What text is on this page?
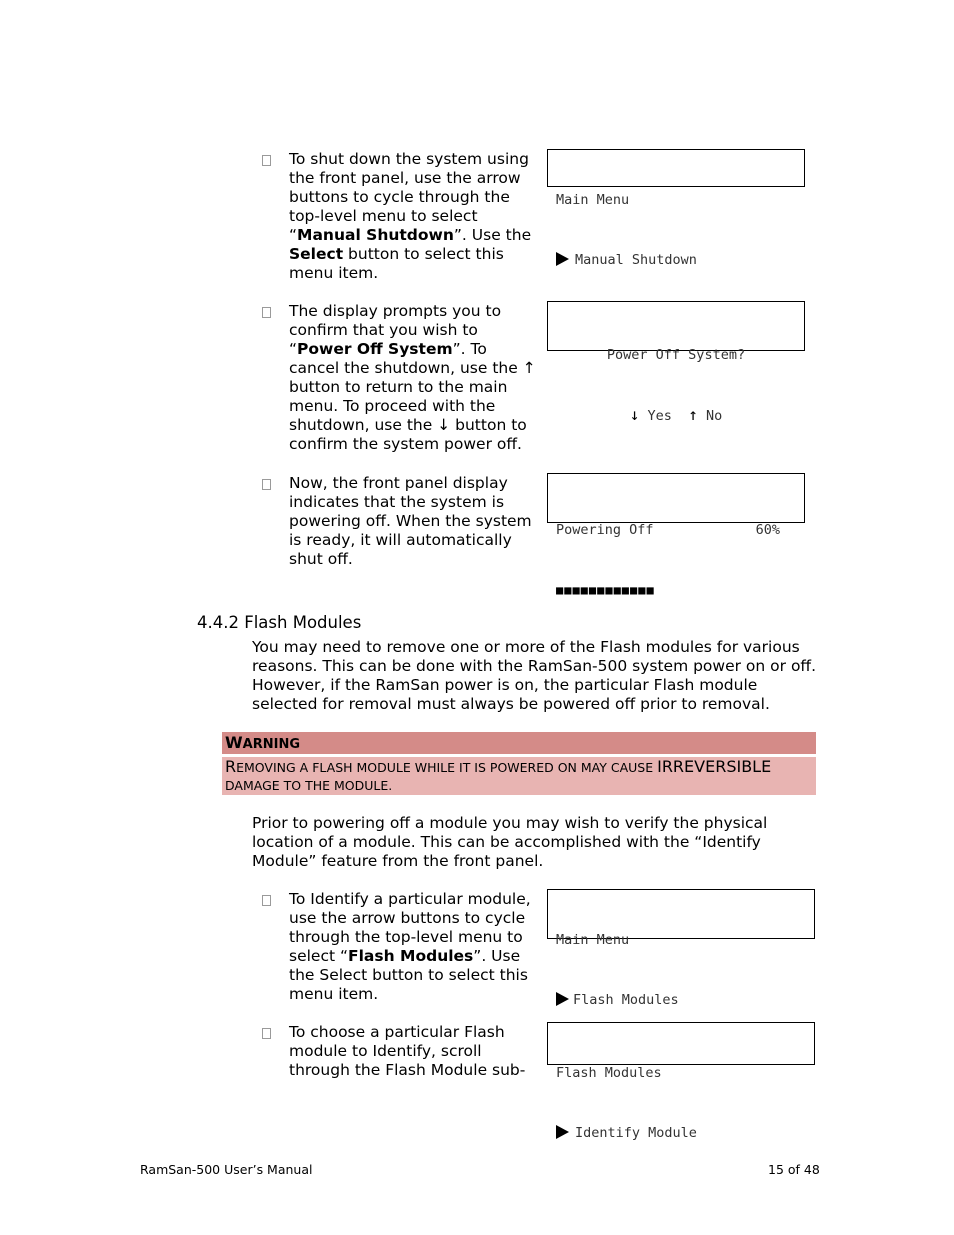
To shut down the system using the front panel, use the arrow buttons to cycle through the top-level menu to select “Manual Shutdown”. Use the Select button to select this menu item.

Main Menu

Manual Shutdown

The display prompts you to confirm that you wish to “Power Off System”. To cancel the shutdown, use the ↑ button to return to the main menu. To proceed with the shutdown, use the ↓ button to confirm the system power off.

Power Off System?

↓ Yes ↑ No

Now, the front panel display indicates that the system is powering off. When the system is ready, it will automatically shut off.

Powering Off	60%

■■■■■■■■■■■■

4.4.2 Flash Modules
You may need to remove one or more of the Flash modules for various reasons. This can be done with the RamSan-500 system power on or off. However, if the RamSan power is on, the particular Flash module selected for removal must always be powered off prior to removal.
WARNING
REMOVING A FLASH MODULE WHILE IT IS POWERED ON MAY CAUSE IRREVERSIBLE
DAMAGE TO THE MODULE.
Prior to powering off a module you may wish to verify the physical location of a module. This can be accomplished with the “Identify Module” feature from the front panel.
To Identify a particular module, use the arrow buttons to cycle through the top-level menu to select “Flash Modules”. Use the Select button to select this menu item.

Main Menu

Flash Modules

To choose a particular Flash module to Identify, scroll through the Flash Module sub-

	Flash Modules

Identify Module

RamSan-500 User’s Manual	15 of 48
